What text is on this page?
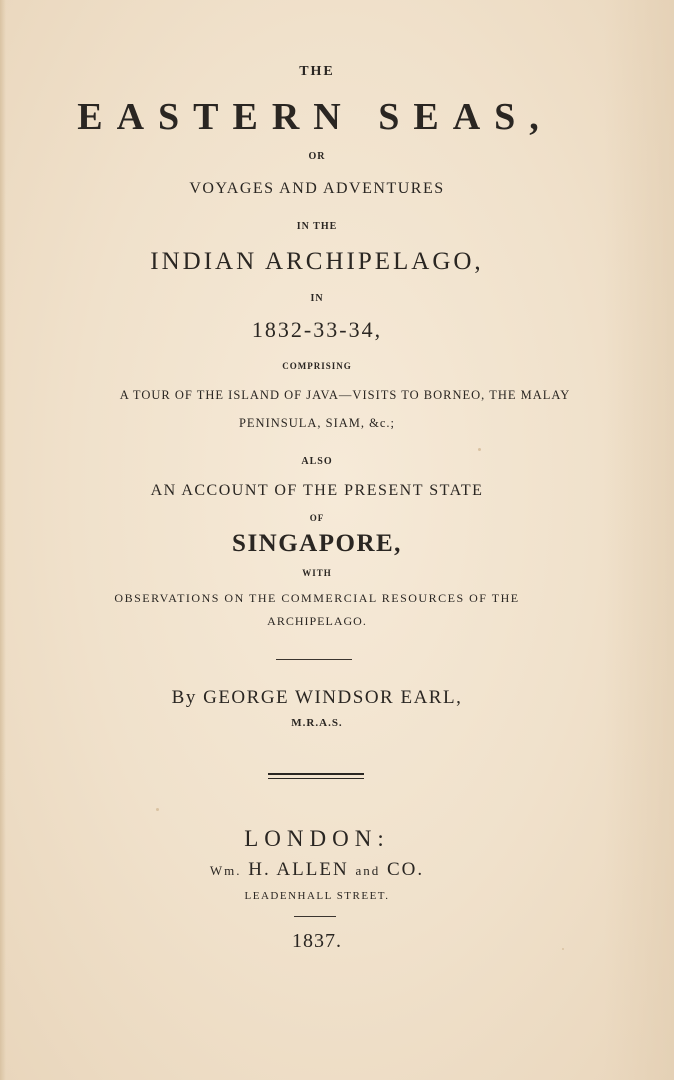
THE
EASTERN SEAS,
OR
VOYAGES AND ADVENTURES
IN THE
INDIAN ARCHIPELAGO,
IN
1832-33-34,
COMPRISING
A TOUR OF THE ISLAND OF JAVA—VISITS TO BORNEO, THE MALAY
PENINSULA, SIAM, &c.;
ALSO
AN ACCOUNT OF THE PRESENT STATE
OF
SINGAPORE,
WITH
OBSERVATIONS ON THE COMMERCIAL RESOURCES OF THE
ARCHIPELAGO.
By GEORGE WINDSOR EARL,
M.R.A.S.
LONDON:
Wm. H. ALLEN and CO.
LEADENHALL STREET.
1837.
